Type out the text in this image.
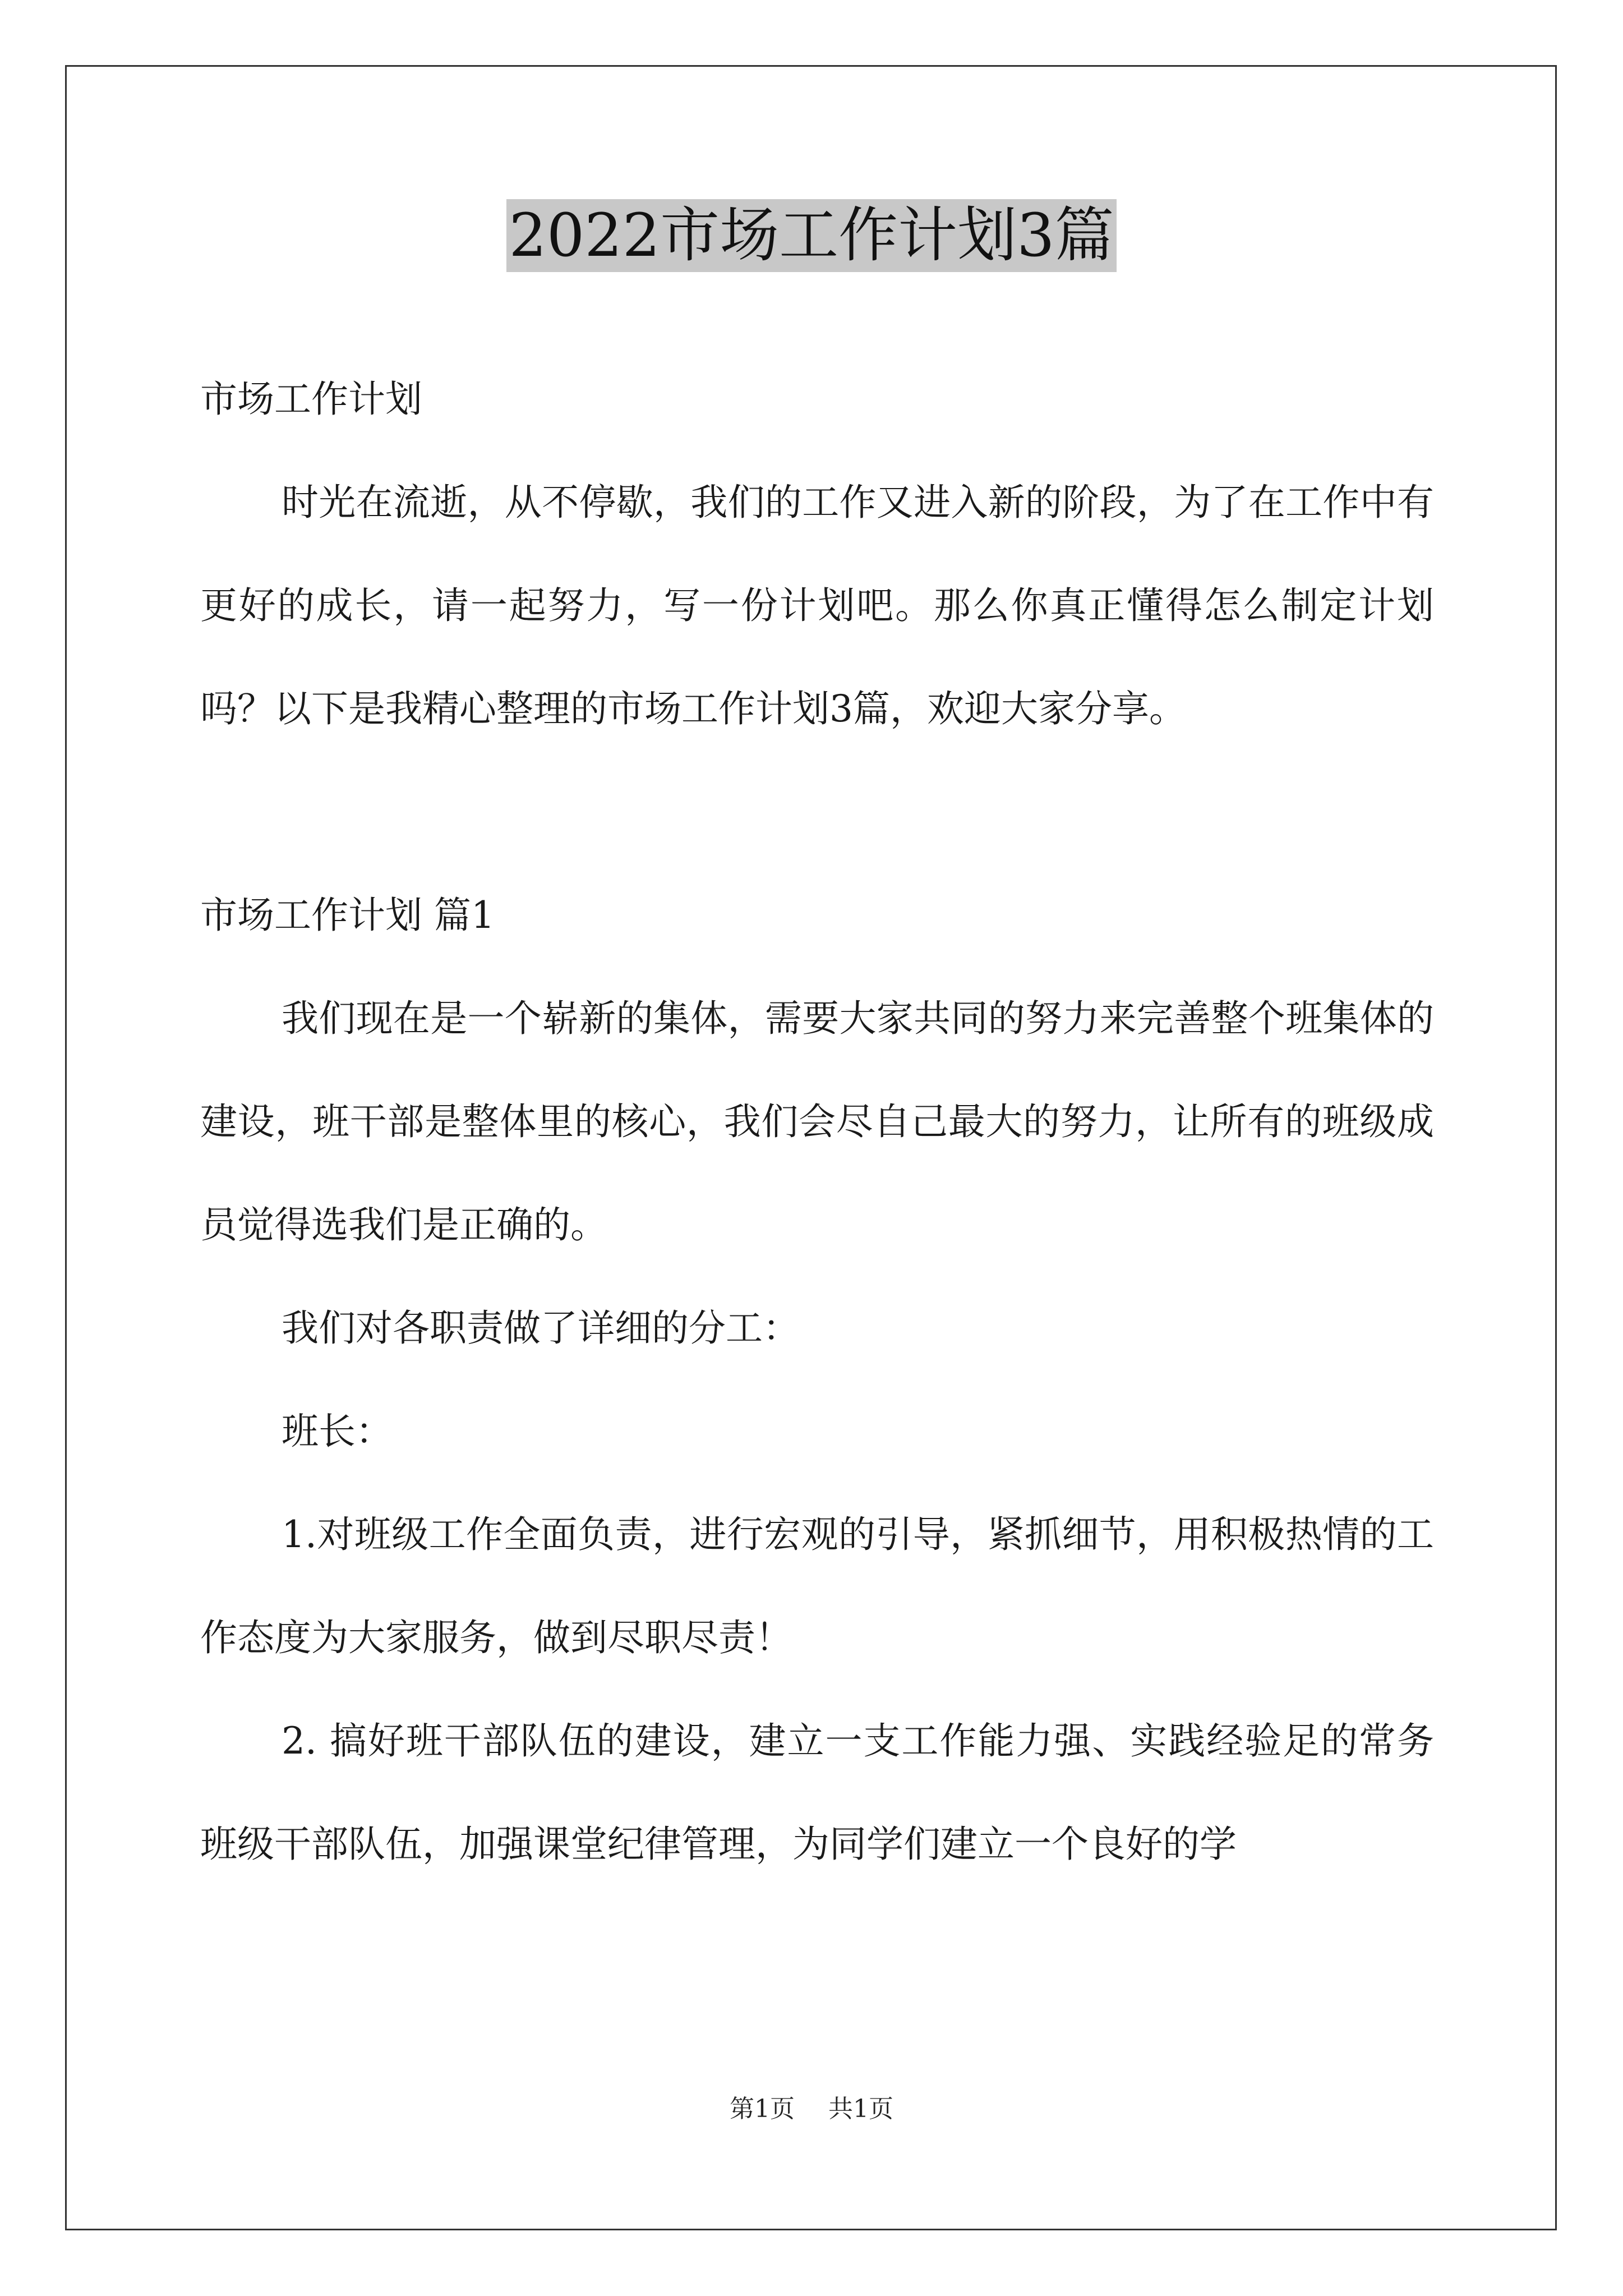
2022市场工作计划3篇

市场工作计划

时光在流逝，从不停歇，我们的工作又进入新的阶段，为了在工作中有更好的成长，请一起努力，写一份计划吧。那么你真正懂得怎么制定计划吗？以下是我精心整理的市场工作计划3篇，欢迎大家分享。

市场工作计划 篇1

我们现在是一个崭新的集体，需要大家共同的努力来完善整个班集体的建设，班干部是整体里的核心，我们会尽自己最大的努力，让所有的班级成员觉得选我们是正确的。

我们对各职责做了详细的分工：

班长：

1.对班级工作全面负责，进行宏观的引导，紧抓细节，用积极热情的工作态度为大家服务，做到尽职尽责！

2. 搞好班干部队伍的建设，建立一支工作能力强、实践经验足的常务班级干部队伍，加强课堂纪律管理，为同学们建立一个良好的学

第1页 共1页
